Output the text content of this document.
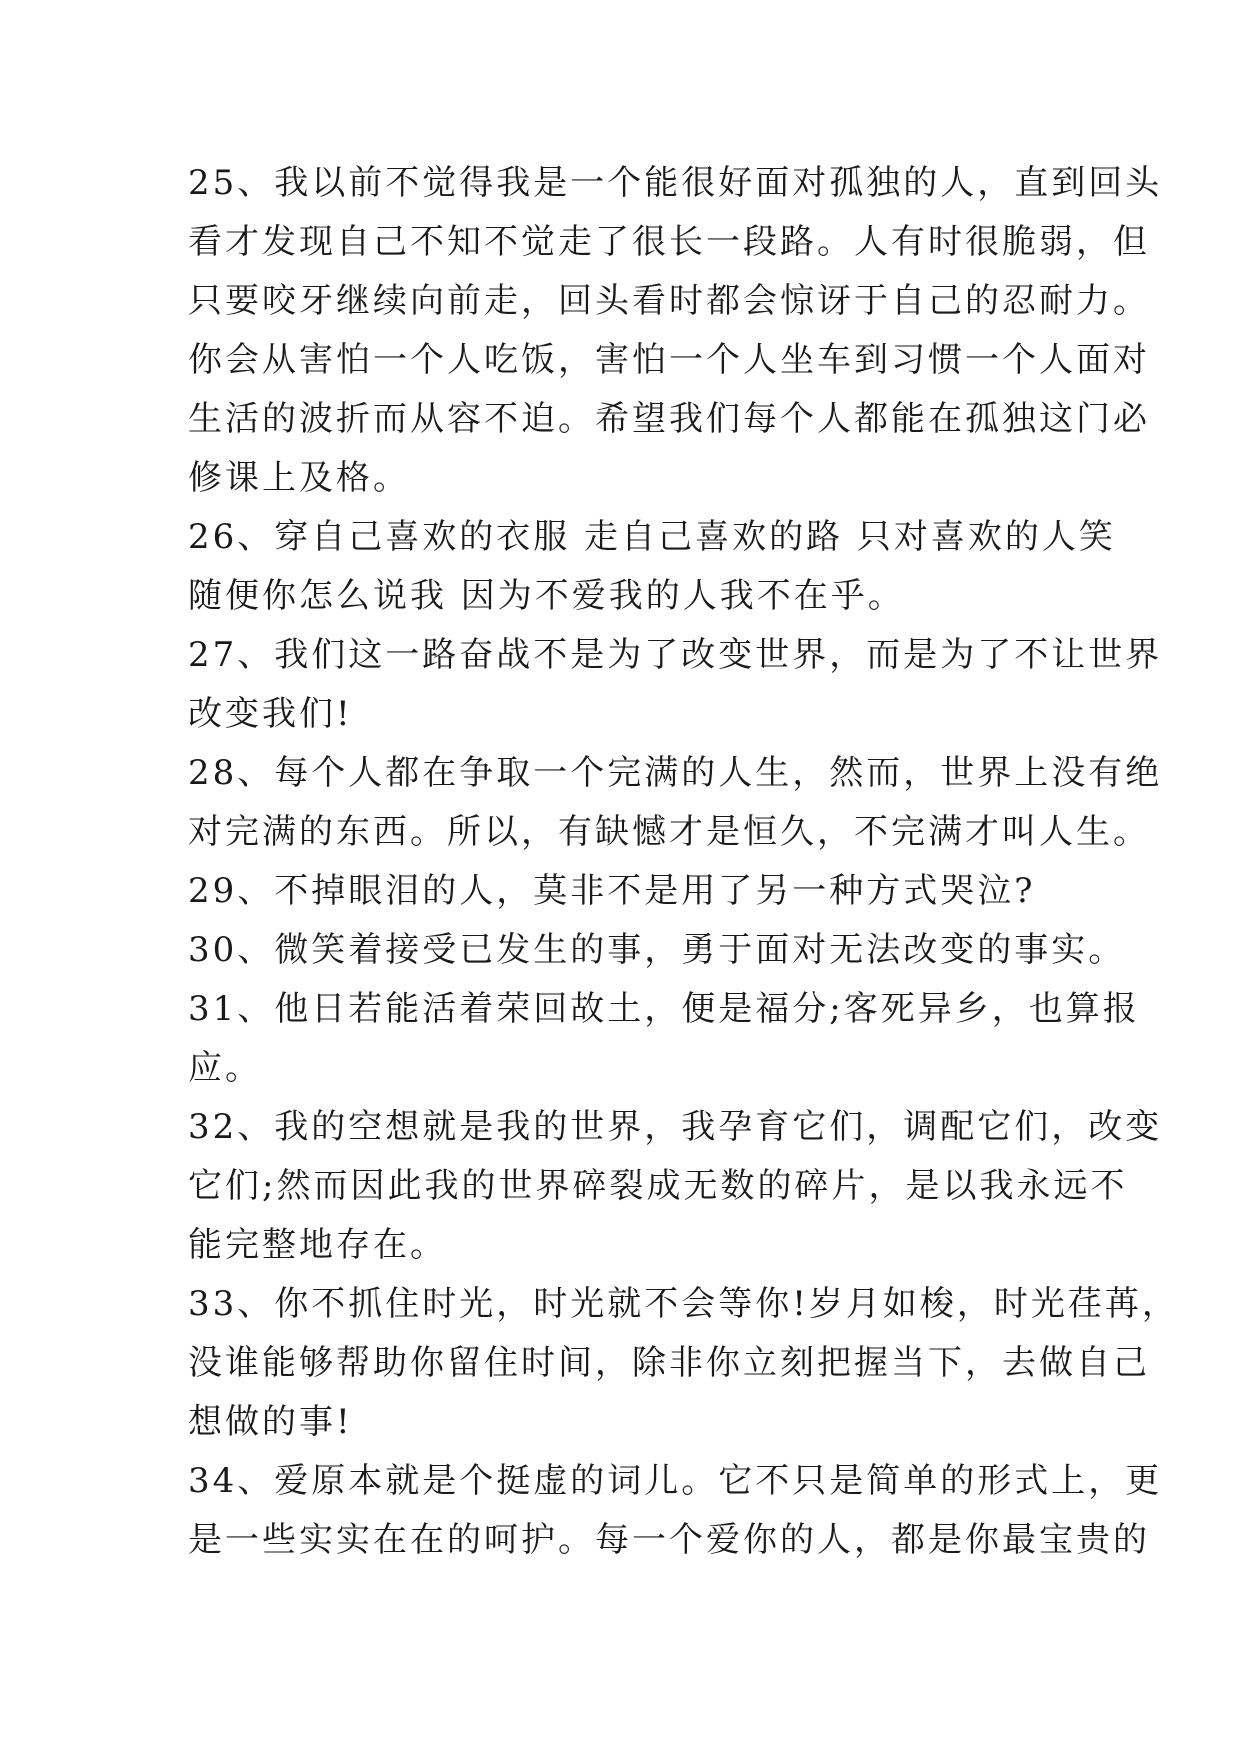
25、我以前不觉得我是一个能很好面对孤独的人，直到回头
看才发现自己不知不觉走了很长一段路。人有时很脆弱，但
只要咬牙继续向前走，回头看时都会惊讶于自己的忍耐力。
你会从害怕一个人吃饭，害怕一个人坐车到习惯一个人面对
生活的波折而从容不迫。希望我们每个人都能在孤独这门必
修课上及格。
26、穿自己喜欢的衣服 走自己喜欢的路 只对喜欢的人笑
随便你怎么说我 因为不爱我的人我不在乎。
27、我们这一路奋战不是为了改变世界，而是为了不让世界
改变我们!
28、每个人都在争取一个完满的人生，然而，世界上没有绝
对完满的东西。所以，有缺憾才是恒久，不完满才叫人生。
29、不掉眼泪的人，莫非不是用了另一种方式哭泣?
30、微笑着接受已发生的事，勇于面对无法改变的事实。
31、他日若能活着荣回故土，便是福分;客死异乡，也算报
应。
32、我的空想就是我的世界，我孕育它们，调配它们，改变
它们;然而因此我的世界碎裂成无数的碎片，是以我永远不
能完整地存在。
33、你不抓住时光，时光就不会等你!岁月如梭，时光荏苒，
没谁能够帮助你留住时间，除非你立刻把握当下，去做自己
想做的事!
34、爱原本就是个挺虚的词儿。它不只是简单的形式上，更
是一些实实在在的呵护。每一个爱你的人，都是你最宝贵的
